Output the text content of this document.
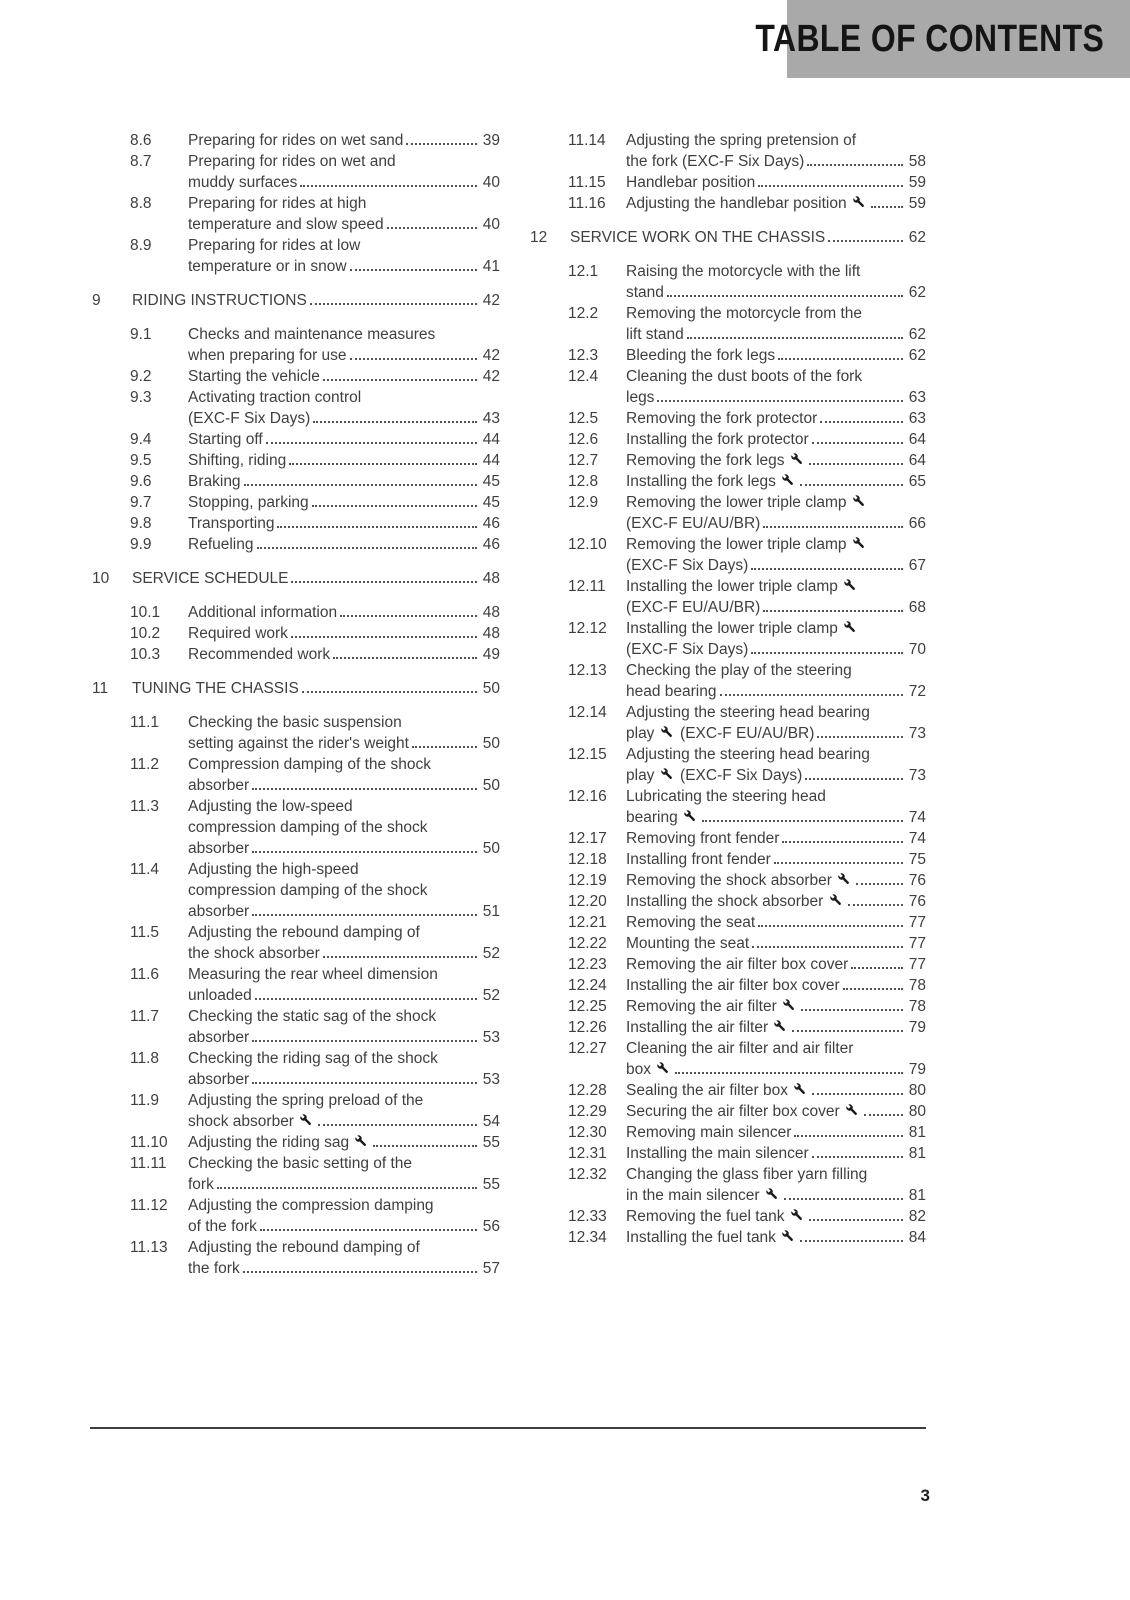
TABLE OF CONTENTS
8.6	Preparing for rides on wet sand	39
8.7	Preparing for rides on wet and
muddy surfaces	40
8.8	Preparing for rides at high
temperature and slow speed	40
8.9	Preparing for rides at low
temperature or in snow	41
9	RIDING INSTRUCTIONS	42
9.1	Checks and maintenance measures
when preparing for use	42
9.2	Starting the vehicle	42
9.3	Activating traction control
(EXC-F Six Days)	43
9.4	Starting off	44
9.5	Shifting, riding	44
9.6	Braking	45
9.7	Stopping, parking	45
9.8	Transporting	46
9.9	Refueling	46
10	SERVICE SCHEDULE	48
10.1	Additional information	48
10.2	Required work	48
10.3	Recommended work	49
11	TUNING THE CHASSIS	50
11.1	Checking the basic suspension
setting against the rider's weight	50
11.2	Compression damping of the shock
absorber	50
11.3	Adjusting the low-speed
compression damping of the shock
absorber	50
11.4	Adjusting the high-speed
compression damping of the shock
absorber	51
11.5	Adjusting the rebound damping of
the shock absorber	52
11.6	Measuring the rear wheel dimension
unloaded	52
11.7	Checking the static sag of the shock
absorber	53
11.8	Checking the riding sag of the shock
absorber	53
11.9	Adjusting the spring preload of the
shock absorber	54
11.10	Adjusting the riding sag	55
11.11	Checking the basic setting of the
fork	55
11.12	Adjusting the compression damping
of the fork	56
11.13	Adjusting the rebound damping of
the fork	57
11.14	Adjusting the spring pretension of
the fork (EXC-F Six Days)	58
11.15	Handlebar position	59
11.16	Adjusting the handlebar position	59
12	SERVICE WORK ON THE CHASSIS	62
12.1	Raising the motorcycle with the lift
stand	62
12.2	Removing the motorcycle from the
lift stand	62
12.3	Bleeding the fork legs	62
12.4	Cleaning the dust boots of the fork
legs	63
12.5	Removing the fork protector	63
12.6	Installing the fork protector	64
12.7	Removing the fork legs	64
12.8	Installing the fork legs	65
12.9	Removing the lower triple clamp
(EXC-F EU/AU/BR)	66
12.10	Removing the lower triple clamp
(EXC-F Six Days)	67
12.11	Installing the lower triple clamp
(EXC-F EU/AU/BR)	68
12.12	Installing the lower triple clamp
(EXC-F Six Days)	70
12.13	Checking the play of the steering
head bearing	72
12.14	Adjusting the steering head bearing
play  (EXC-F EU/AU/BR)	73
12.15	Adjusting the steering head bearing
play  (EXC-F Six Days)	73
12.16	Lubricating the steering head
bearing	74
12.17	Removing front fender	74
12.18	Installing front fender	75
12.19	Removing the shock absorber	76
12.20	Installing the shock absorber	76
12.21	Removing the seat	77
12.22	Mounting the seat	77
12.23	Removing the air filter box cover	77
12.24	Installing the air filter box cover	78
12.25	Removing the air filter	78
12.26	Installing the air filter	79
12.27	Cleaning the air filter and air filter
box	79
12.28	Sealing the air filter box	80
12.29	Securing the air filter box cover	80
12.30	Removing main silencer	81
12.31	Installing the main silencer	81
12.32	Changing the glass fiber yarn filling
in the main silencer	81
12.33	Removing the fuel tank	82
12.34	Installing the fuel tank	84
3
